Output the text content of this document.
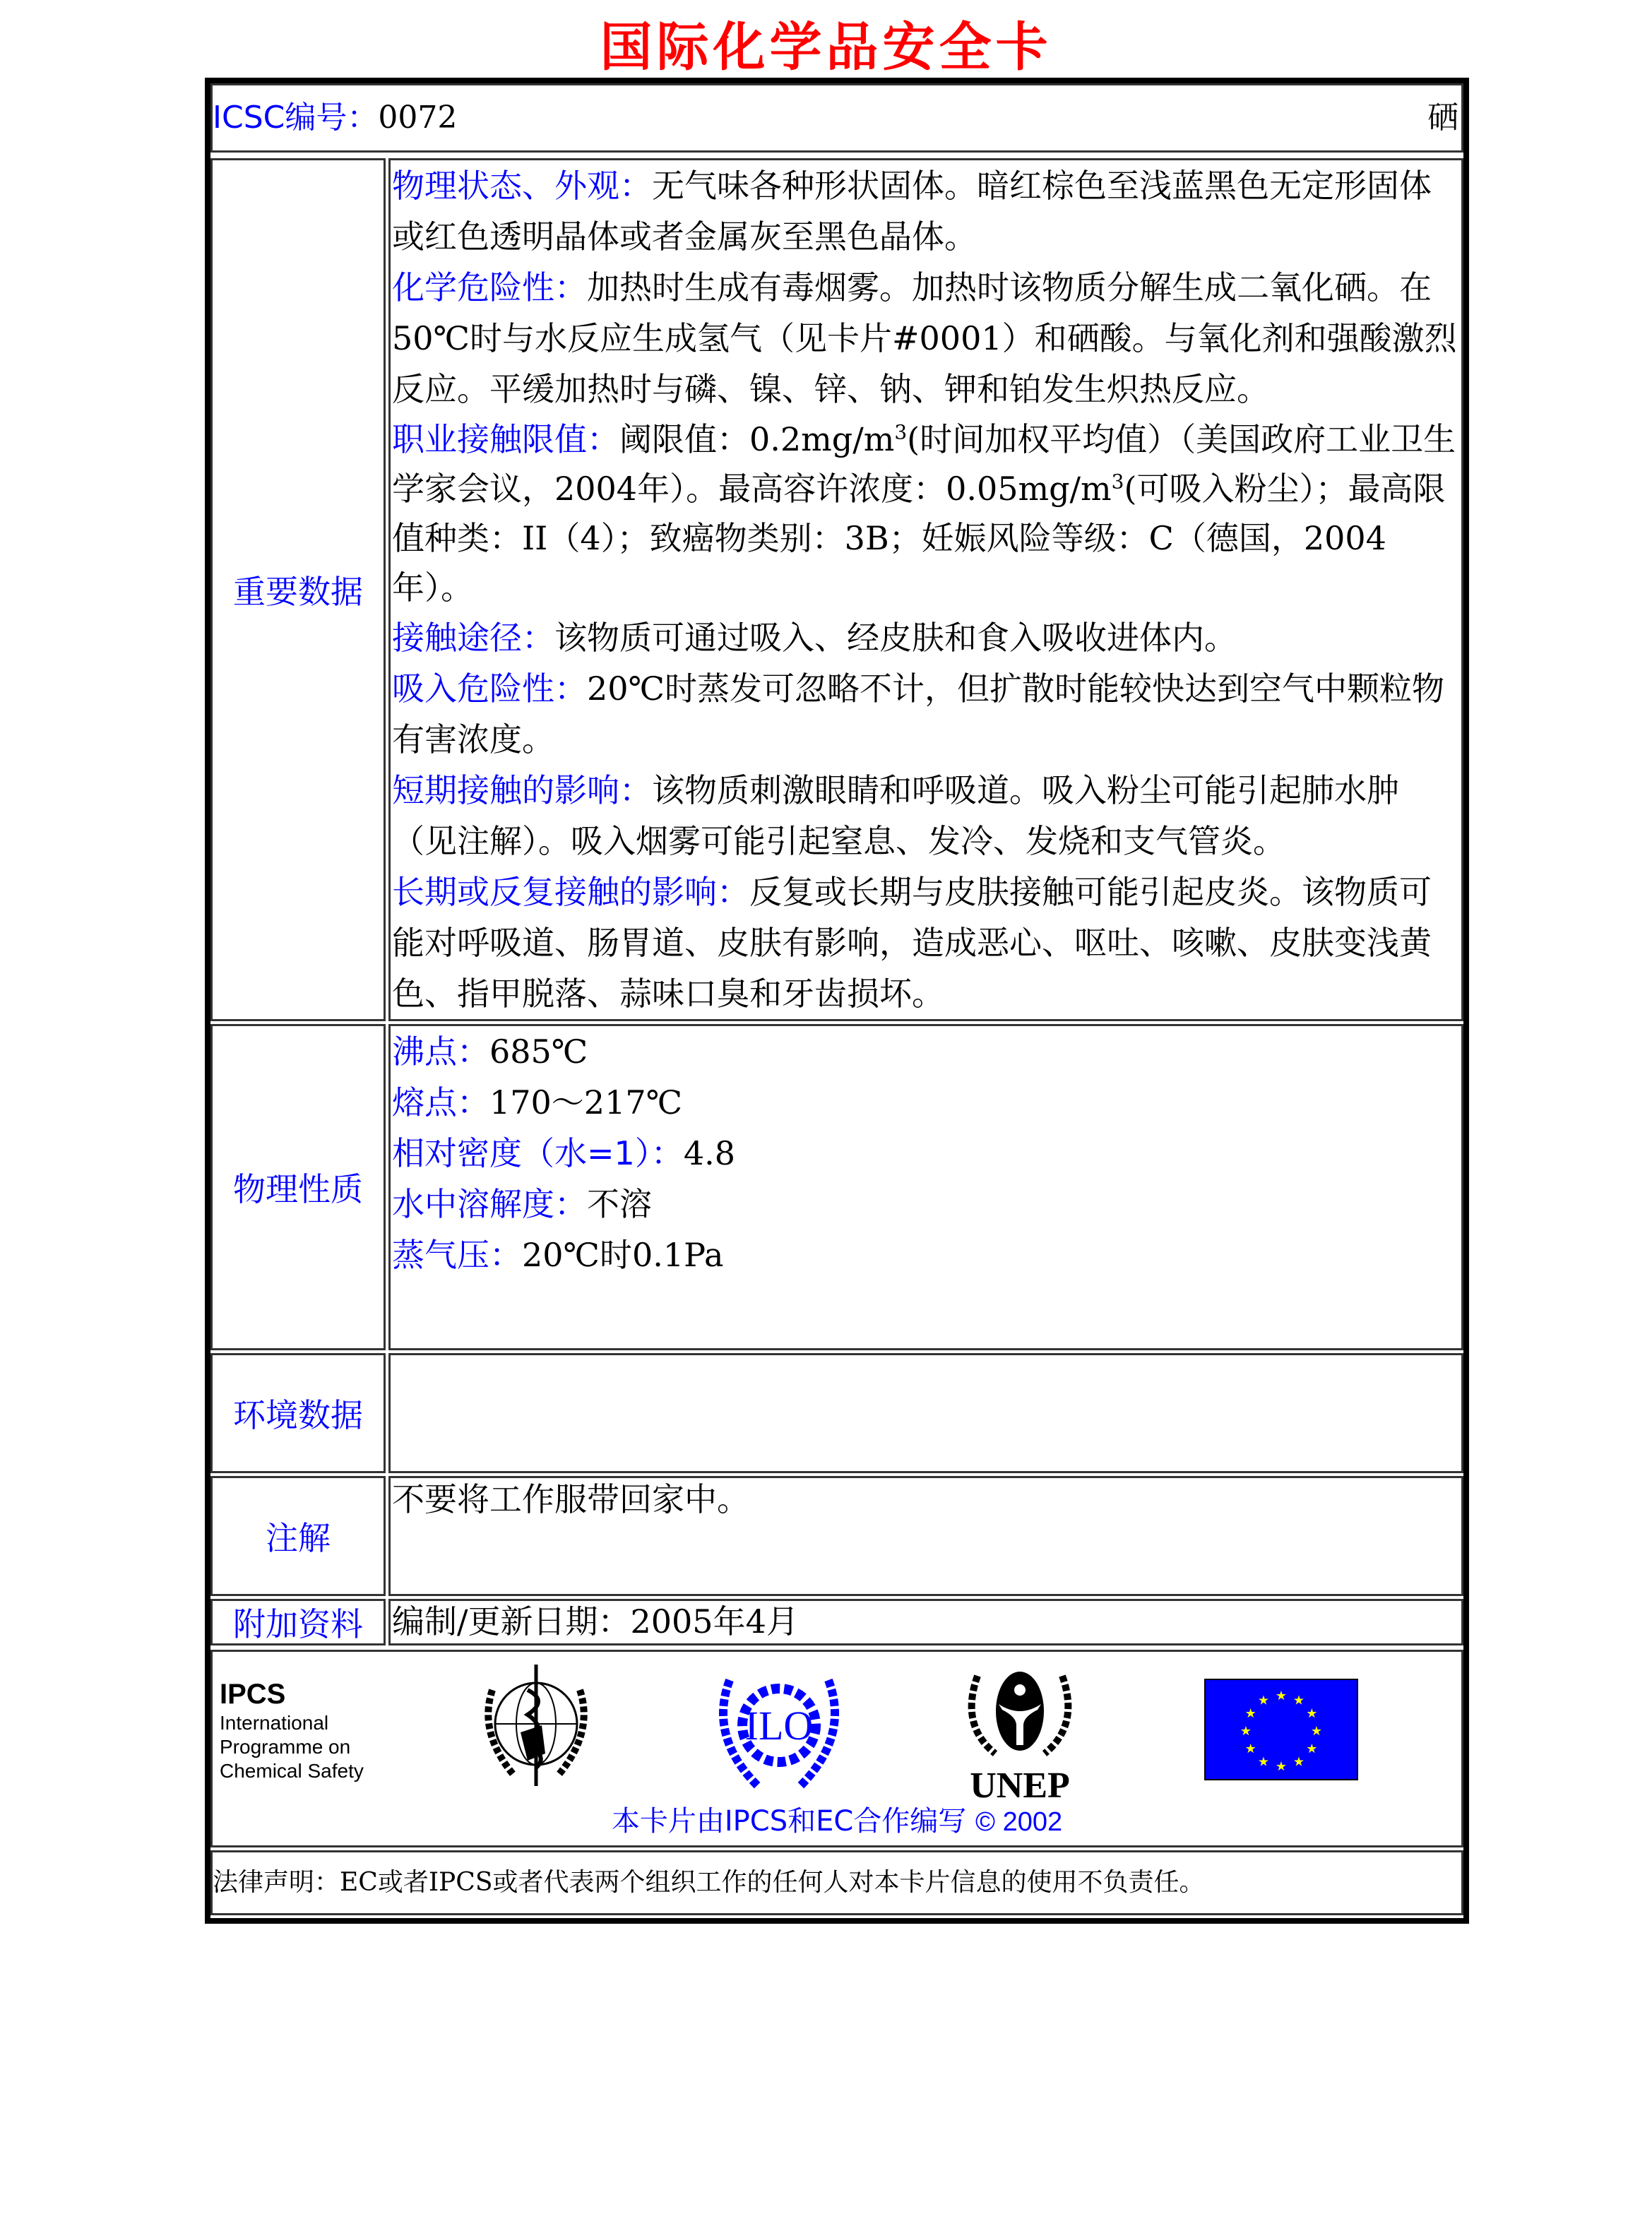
国际化学品安全卡
ICSC编号：0072	硒
重要数据
物理状态、外观：无气味各种形状固体。暗红棕色至浅蓝黑色无定形固体或红色透明晶体或者金属灰至黑色晶体。
化学危险性：加热时生成有毒烟雾。加热时该物质分解生成二氧化硒。在50℃时与水反应生成氢气（见卡片#0001）和硒酸。与氧化剂和强酸激烈反应。平缓加热时与磷、镍、锌、钠、钾和铂发生炽热反应。
职业接触限值：阈限值：$0.2mg/m^3$(时间加权平均值）（美国政府工业卫生学家会议，2004年）。最高容许浓度：$0.05mg/m^3$(可吸入粉尘）；最高限值种类：II（4）；致癌物类别：3B；妊娠风险等级：C（德国，2004年）。
接触途径：该物质可通过吸入、经皮肤和食入吸收进体内。
吸入危险性：20℃时蒸发可忽略不计，但扩散时能较快达到空气中颗粒物有害浓度。
短期接触的影响：该物质刺激眼睛和呼吸道。吸入粉尘可能引起肺水肿（见注解）。吸入烟雾可能引起窒息、发冷、发烧和支气管炎。
长期或反复接触的影响：反复或长期与皮肤接触可能引起皮炎。该物质可能对呼吸道、肠胃道、皮肤有影响，造成恶心、呕吐、咳嗽、皮肤变浅黄色、指甲脱落、蒜味口臭和牙齿损坏。
物理性质
沸点：685℃
熔点：170～217℃
相对密度（水=1）：4.8
水中溶解度：不溶
蒸气压：20℃时0.1Pa
环境数据
注解
不要将工作服带回家中。
附加资料 编制/更新日期：2005年4月
IPCS
International
Programme on
Chemical Safety
ILO
UNEP
★ ★
★
★
★
★
★
★
★
★
★
★
本卡片由IPCS和EC合作编写 © 2002
法律声明：EC或者IPCS或者代表两个组织工作的任何人对本卡片信息的使用不负责任。
